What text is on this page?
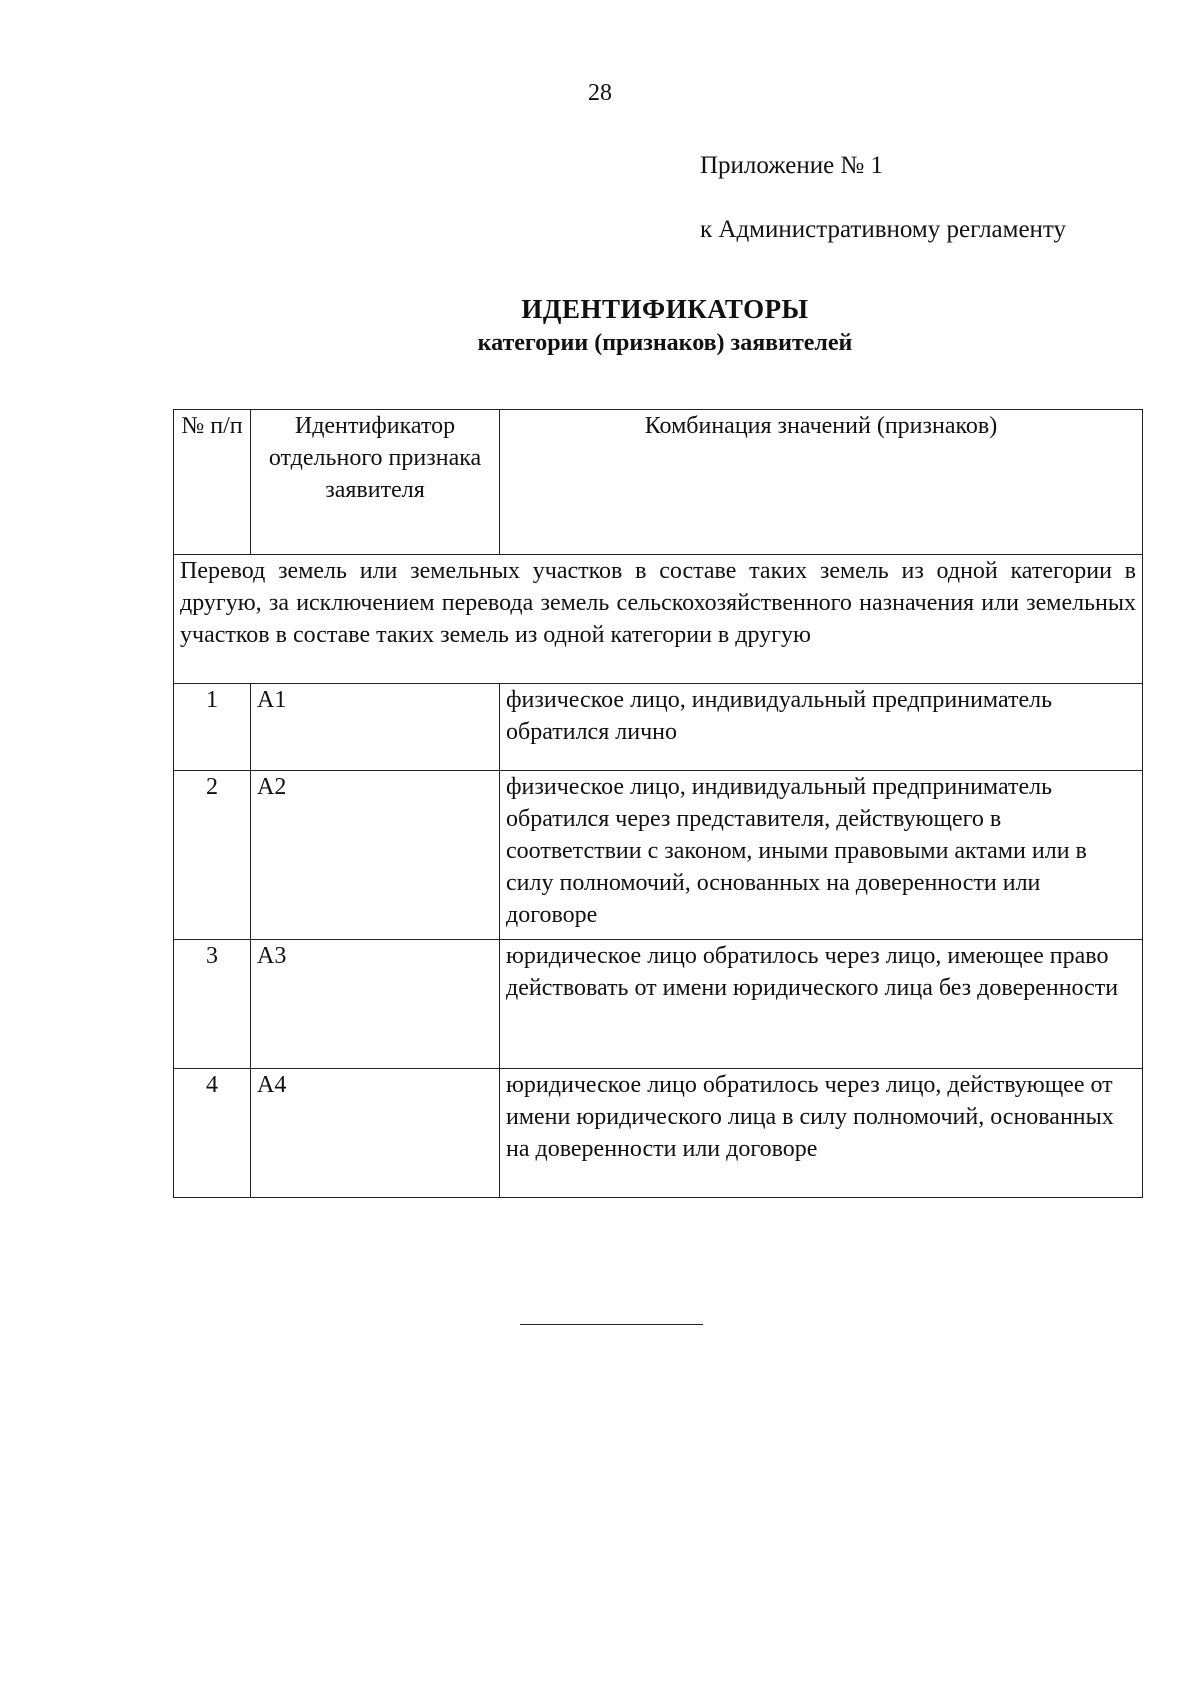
28
Приложение № 1
к Административному регламенту
ИДЕНТИФИКАТОРЫ
категории (признаков) заявителей
№ п/п	Идентификатор отдельного признака заявителя	Комбинация значений (признаков)
Перевод земель или земельных участков в составе таких земель из одной категории в другую, за исключением перевода земель сельскохозяйственного назначения или земельных участков в составе таких земель из одной категории в другую		
1	А1	физическое лицо, индивидуальный предприниматель обратился лично
2	А2	физическое лицо, индивидуальный предприниматель обратился через представителя, действующего в соответствии с законом, иными правовыми актами или в силу полномочий, основанных на доверенности или договоре
3	А3	юридическое лицо обратилось через лицо, имеющее право действовать от имени юридического лица без доверенности
4	А4	юридическое лицо обратилось через лицо, действующее от имени юридического лица в силу полномочий, основанных на доверенности или договоре
